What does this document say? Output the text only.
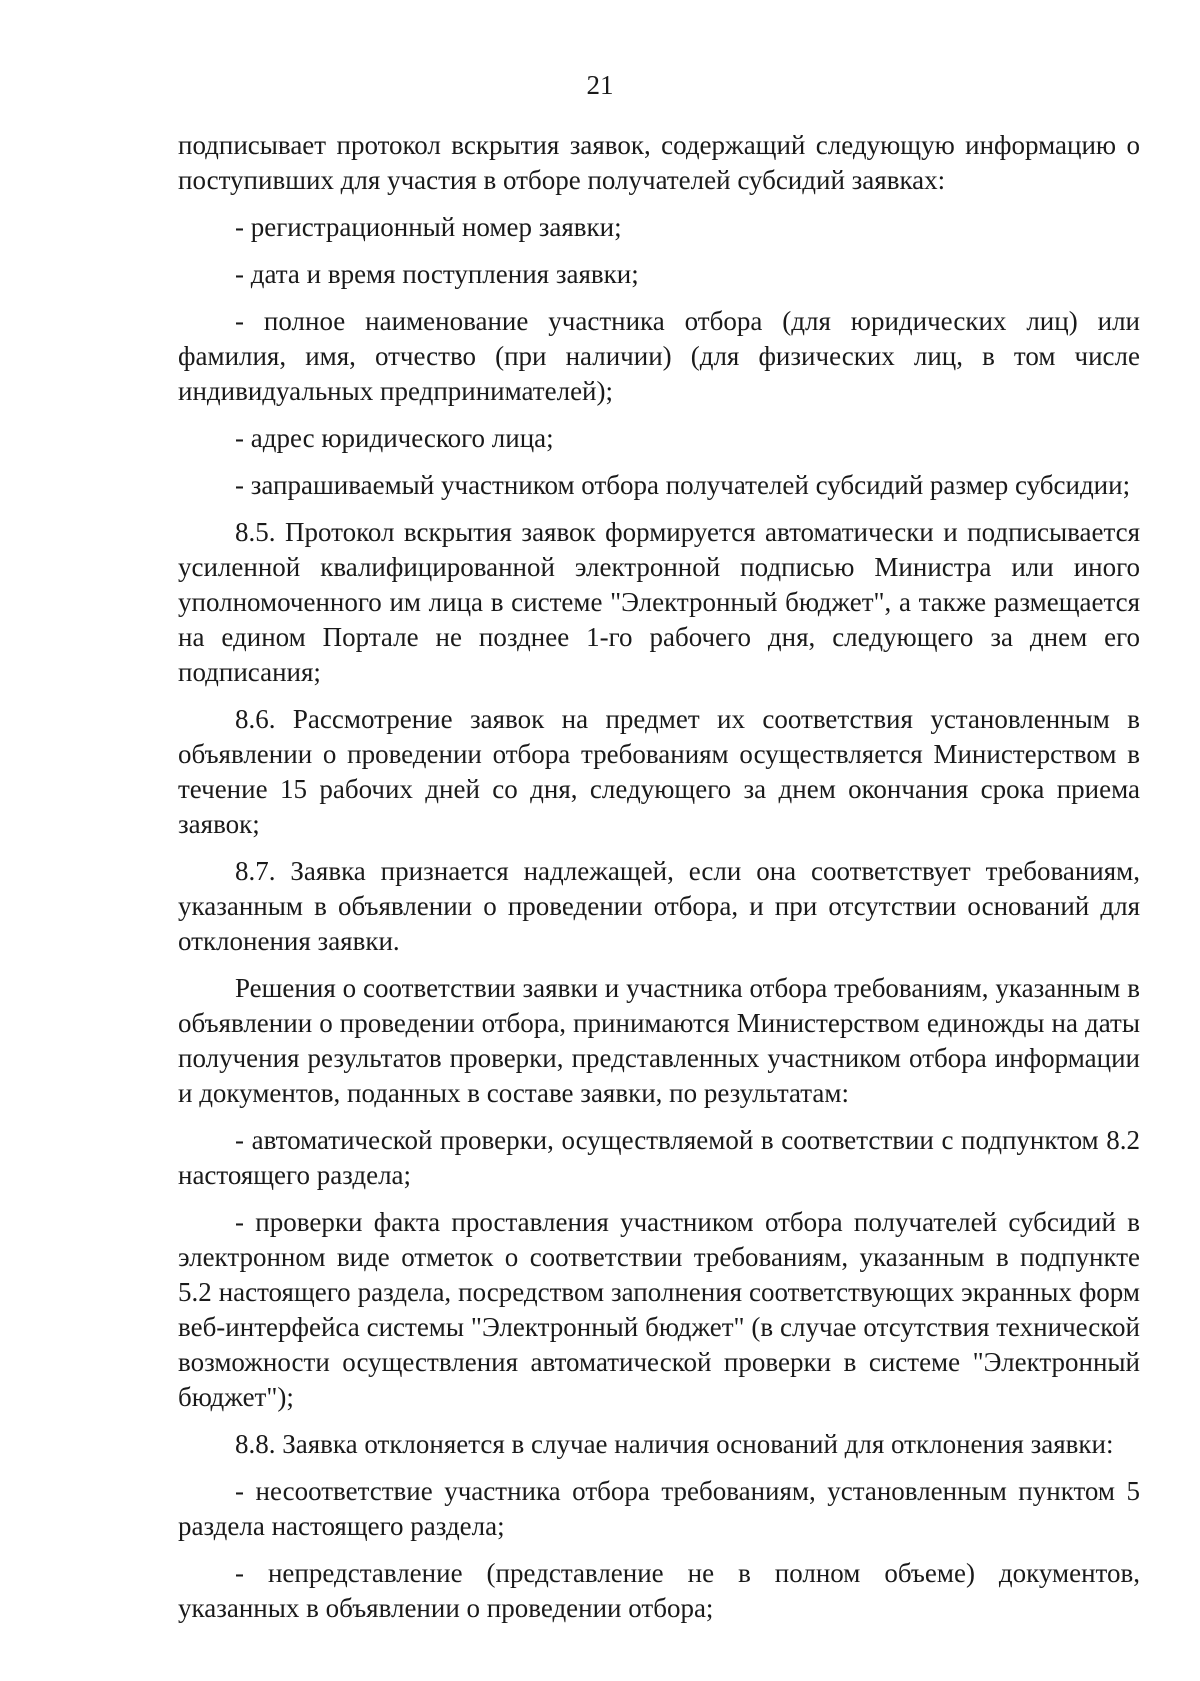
21

подписывает протокол вскрытия заявок, содержащий следующую информацию о поступивших для участия в отборе получателей субсидий заявках:

- регистрационный номер заявки;

- дата и время поступления заявки;

- полное наименование участника отбора (для юридических лиц) или фамилия, имя, отчество (при наличии) (для физических лиц, в том числе индивидуальных предпринимателей);

- адрес юридического лица;

- запрашиваемый участником отбора получателей субсидий размер субсидии;

8.5. Протокол вскрытия заявок формируется автоматически и подписывается усиленной квалифицированной электронной подписью Министра или иного уполномоченного им лица в системе "Электронный бюджет", а также размещается на едином Портале не позднее 1-го рабочего дня, следующего за днем его подписания;

8.6. Рассмотрение заявок на предмет их соответствия установленным в объявлении о проведении отбора требованиям осуществляется Министерством в течение 15 рабочих дней со дня, следующего за днем окончания срока приема заявок;

8.7. Заявка признается надлежащей, если она соответствует требованиям, указанным в объявлении о проведении отбора, и при отсутствии оснований для отклонения заявки.

Решения о соответствии заявки и участника отбора требованиям, указанным в объявлении о проведении отбора, принимаются Министерством единожды на даты получения результатов проверки, представленных участником отбора информации и документов, поданных в составе заявки, по результатам:

- автоматической проверки, осуществляемой в соответствии с подпунктом 8.2 настоящего раздела;

- проверки факта проставления участником отбора получателей субсидий в электронном виде отметок о соответствии требованиям, указанным в подпункте 5.2 настоящего раздела, посредством заполнения соответствующих экранных форм веб-интерфейса системы "Электронный бюджет" (в случае отсутствия технической возможности осуществления автоматической проверки в системе "Электронный бюджет");

8.8. Заявка отклоняется в случае наличия оснований для отклонения заявки:

- несоответствие участника отбора требованиям, установленным пунктом 5 раздела настоящего раздела;

- непредставление (представление не в полном объеме) документов, указанных в объявлении о проведении отбора;
